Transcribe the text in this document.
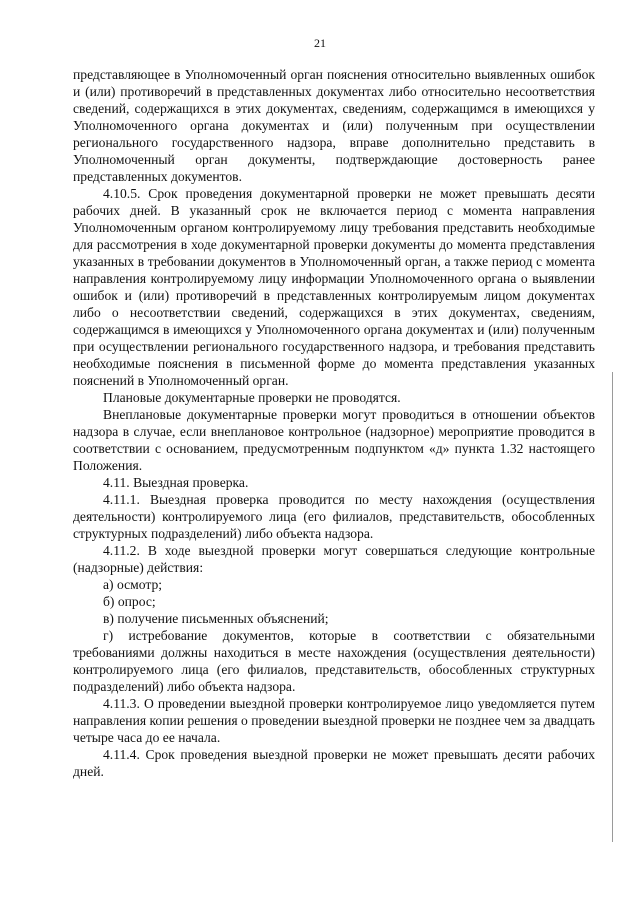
21

представляющее в Уполномоченный орган пояснения относительно выявленных ошибок и (или) противоречий в представленных документах либо относительно несоответствия сведений, содержащихся в этих документах, сведениям, содержащимся в имеющихся у Уполномоченного органа документах и (или) полученным при осуществлении регионального государственного надзора, вправе дополнительно представить в Уполномоченный орган документы, подтверждающие достоверность ранее представленных документов.

4.10.5. Срок проведения документарной проверки не может превышать десяти рабочих дней. В указанный срок не включается период с момента направления Уполномоченным органом контролируемому лицу требования представить необходимые для рассмотрения в ходе документарной проверки документы до момента представления указанных в требовании документов в Уполномоченный орган, а также период с момента направления контролируемому лицу информации Уполномоченного органа о выявлении ошибок и (или) противоречий в представленных контролируемым лицом документах либо о несоответствии сведений, содержащихся в этих документах, сведениям, содержащимся в имеющихся у Уполномоченного органа документах и (или) полученным при осуществлении регионального государственного надзора, и требования представить необходимые пояснения в письменной форме до момента представления указанных пояснений в Уполномоченный орган.

Плановые документарные проверки не проводятся.

Внеплановые документарные проверки могут проводиться в отношении объектов надзора в случае, если внеплановое контрольное (надзорное) мероприятие проводится в соответствии с основанием, предусмотренным подпунктом «д» пункта 1.32 настоящего Положения.

4.11. Выездная проверка.

4.11.1. Выездная проверка проводится по месту нахождения (осуществления деятельности) контролируемого лица (его филиалов, представительств, обособленных структурных подразделений) либо объекта надзора.

4.11.2. В ходе выездной проверки могут совершаться следующие контрольные (надзорные) действия:

а) осмотр;

б) опрос;

в) получение письменных объяснений;

г) истребование документов, которые в соответствии с обязательными требованиями должны находиться в месте нахождения (осуществления деятельности) контролируемого лица (его филиалов, представительств, обособленных структурных подразделений) либо объекта надзора.

4.11.3. О проведении выездной проверки контролируемое лицо уведомляется путем направления копии решения о проведении выездной проверки не позднее чем за двадцать четыре часа до ее начала.

4.11.4. Срок проведения выездной проверки не может превышать десяти рабочих дней.
